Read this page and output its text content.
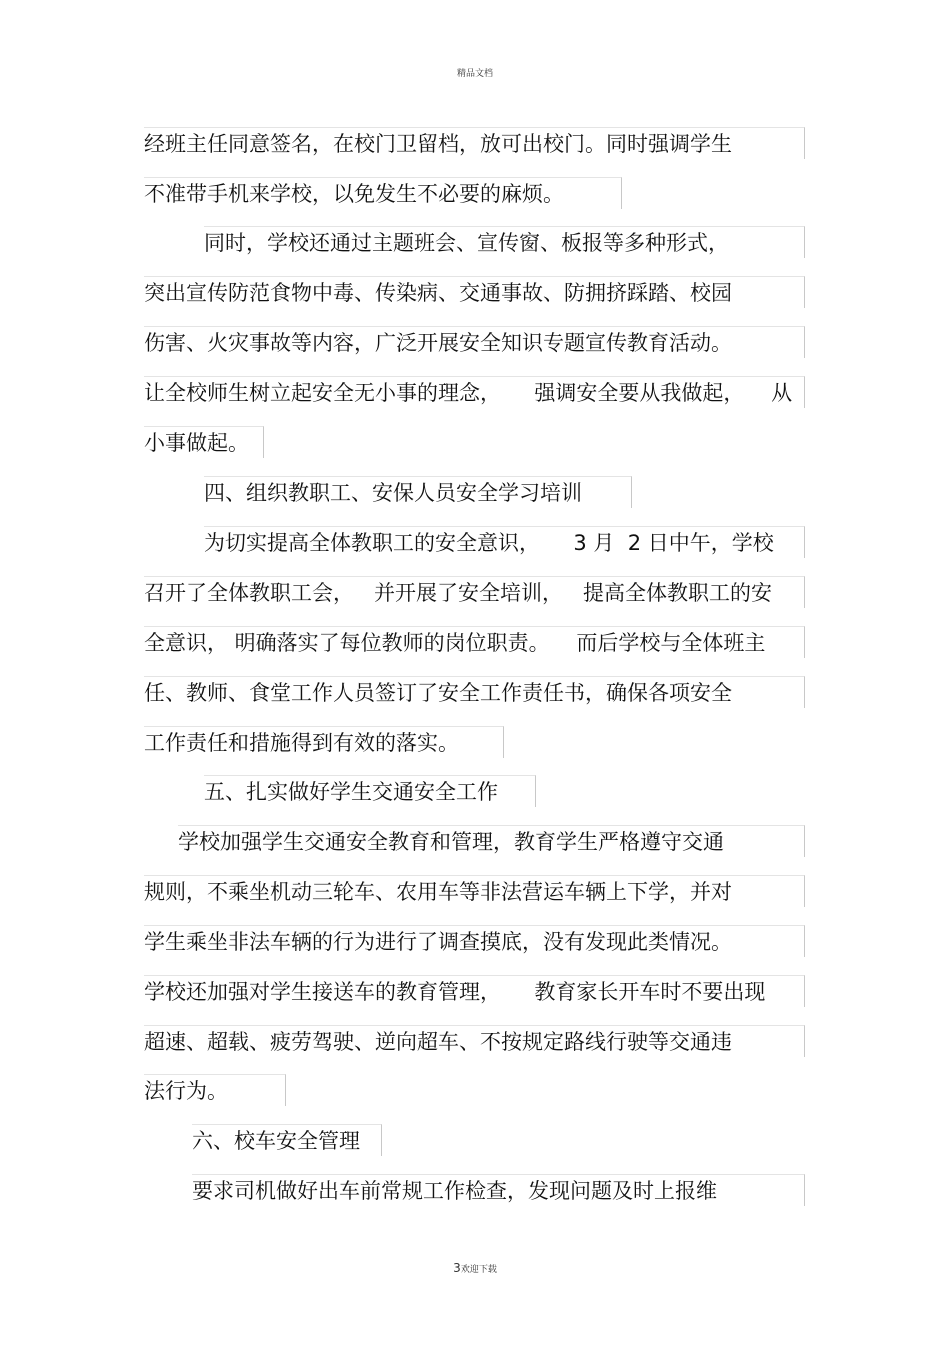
精品文档
经班主任同意签名，在校门卫留档，放可出校门。同时强调学生
不准带手机来学校，以免发生不必要的麻烦。
同时，学校还通过主题班会、宣传窗、板报等多种形式，
突出宣传防范食物中毒、传染病、交通事故、防拥挤踩踏、校园
伤害、火灾事故等内容，广泛开展安全知识专题宣传教育活动。
让全校师生树立起安全无小事的理念，     强调安全要从我做起，    从
小事做起。
四、组织教职工、安保人员安全学习培训
为切实提高全体教职工的安全意识，     3 月  2 日中午，学校
召开了全体教职工会，   并开展了安全培训，   提高全体教职工的安
全意识， 明确落实了每位教师的岗位职责。    而后学校与全体班主
任、教师、食堂工作人员签订了安全工作责任书，确保各项安全
工作责任和措施得到有效的落实。
五、扎实做好学生交通安全工作
学校加强学生交通安全教育和管理，教育学生严格遵守交通
规则，不乘坐机动三轮车、农用车等非法营运车辆上下学，并对
学生乘坐非法车辆的行为进行了调查摸底，没有发现此类情况。
学校还加强对学生接送车的教育管理，     教育家长开车时不要出现
超速、超载、疲劳驾驶、逆向超车、不按规定路线行驶等交通违
法行为。
六、校车安全管理
要求司机做好出车前常规工作检查，发现问题及时上报维
3欢迎下载
